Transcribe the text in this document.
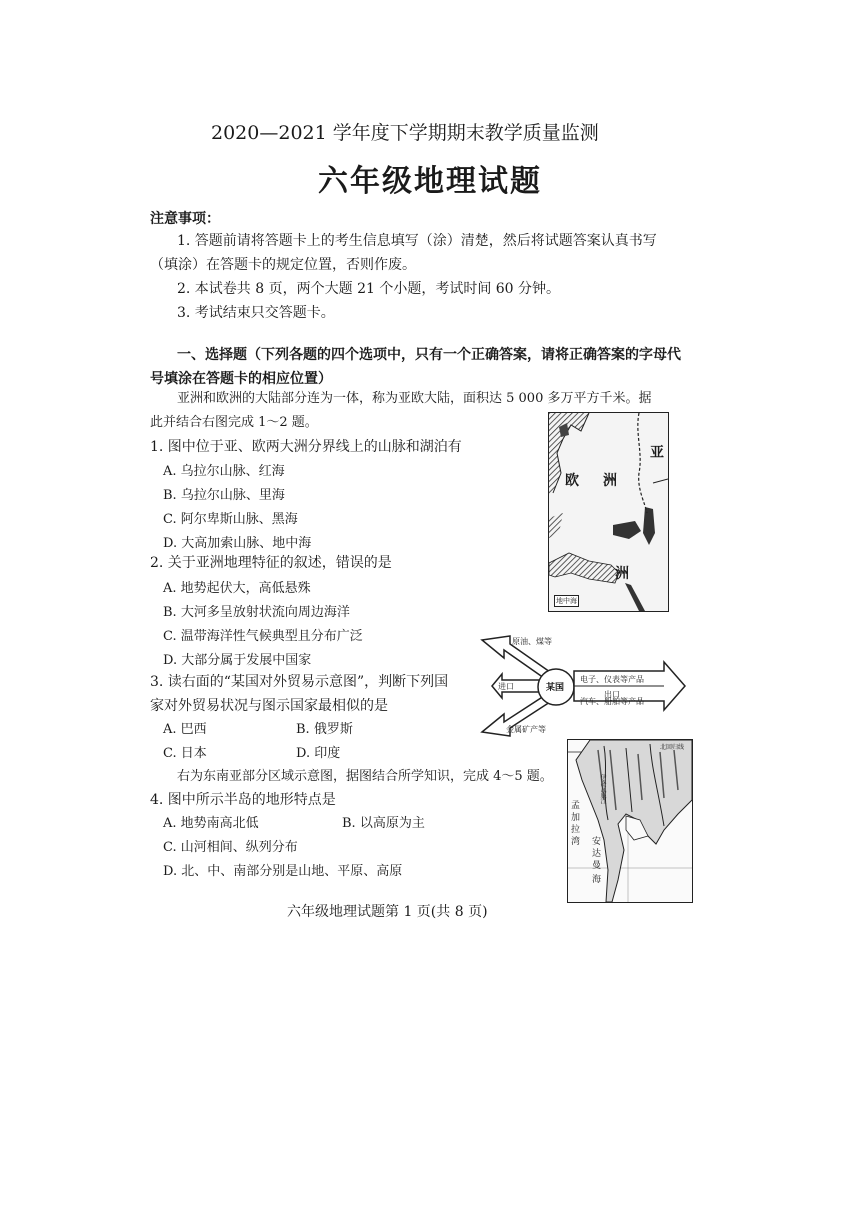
2020—2021 学年度下学期期末教学质量监测
六年级地理试题
注意事项：
1. 答题前请将答题卡上的考生信息填写（涂）清楚，然后将试题答案认真书写
（填涂）在答题卡的规定位置，否则作废。
2. 本试卷共 8 页，两个大题 21 个小题，考试时间 60 分钟。
3. 考试结束只交答题卡。
一、选择题（下列各题的四个选项中，只有一个正确答案，请将正确答案的字母代
号填涂在答题卡的相应位置）
亚洲和欧洲的大陆部分连为一体，称为亚欧大陆，面积达 5 000 多万平方千米。据
此并结合右图完成 1～2 题。
1. 图中位于亚、欧两大洲分界线上的山脉和湖泊有
A. 乌拉尔山脉、红海
B. 乌拉尔山脉、里海
C. 阿尔卑斯山脉、黑海
D. 大高加索山脉、地中海
2. 关于亚洲地理特征的叙述，错误的是
A. 地势起伏大，高低悬殊
B. 大河多呈放射状流向周边海洋
C. 温带海洋性气候典型且分布广泛
D. 大部分属于发展中国家
3. 读右面的“某国对外贸易示意图”，判断下列国
家对外贸易状况与图示国家最相似的是
A. 巴西	B. 俄罗斯
C. 日本	D. 印度
右为东南亚部分区域示意图，据图结合所学知识，完成 4～5 题。
4. 图中所示半岛的地形特点是
A. 地势南高北低	B. 以高原为主
C. 山河相间、纵列分布
D. 北、中、南部分别是山地、平原、高原
亚
欧 洲
洲
地中海
某国
进口
出口
原油、煤等
金属矿产等
电子、仪表等产品
汽车、船舶等产品
北回归线
孟
加
拉
湾 安
达
曼
海
伊洛瓦底江
六年级地理试题第 1 页(共 8 页)
